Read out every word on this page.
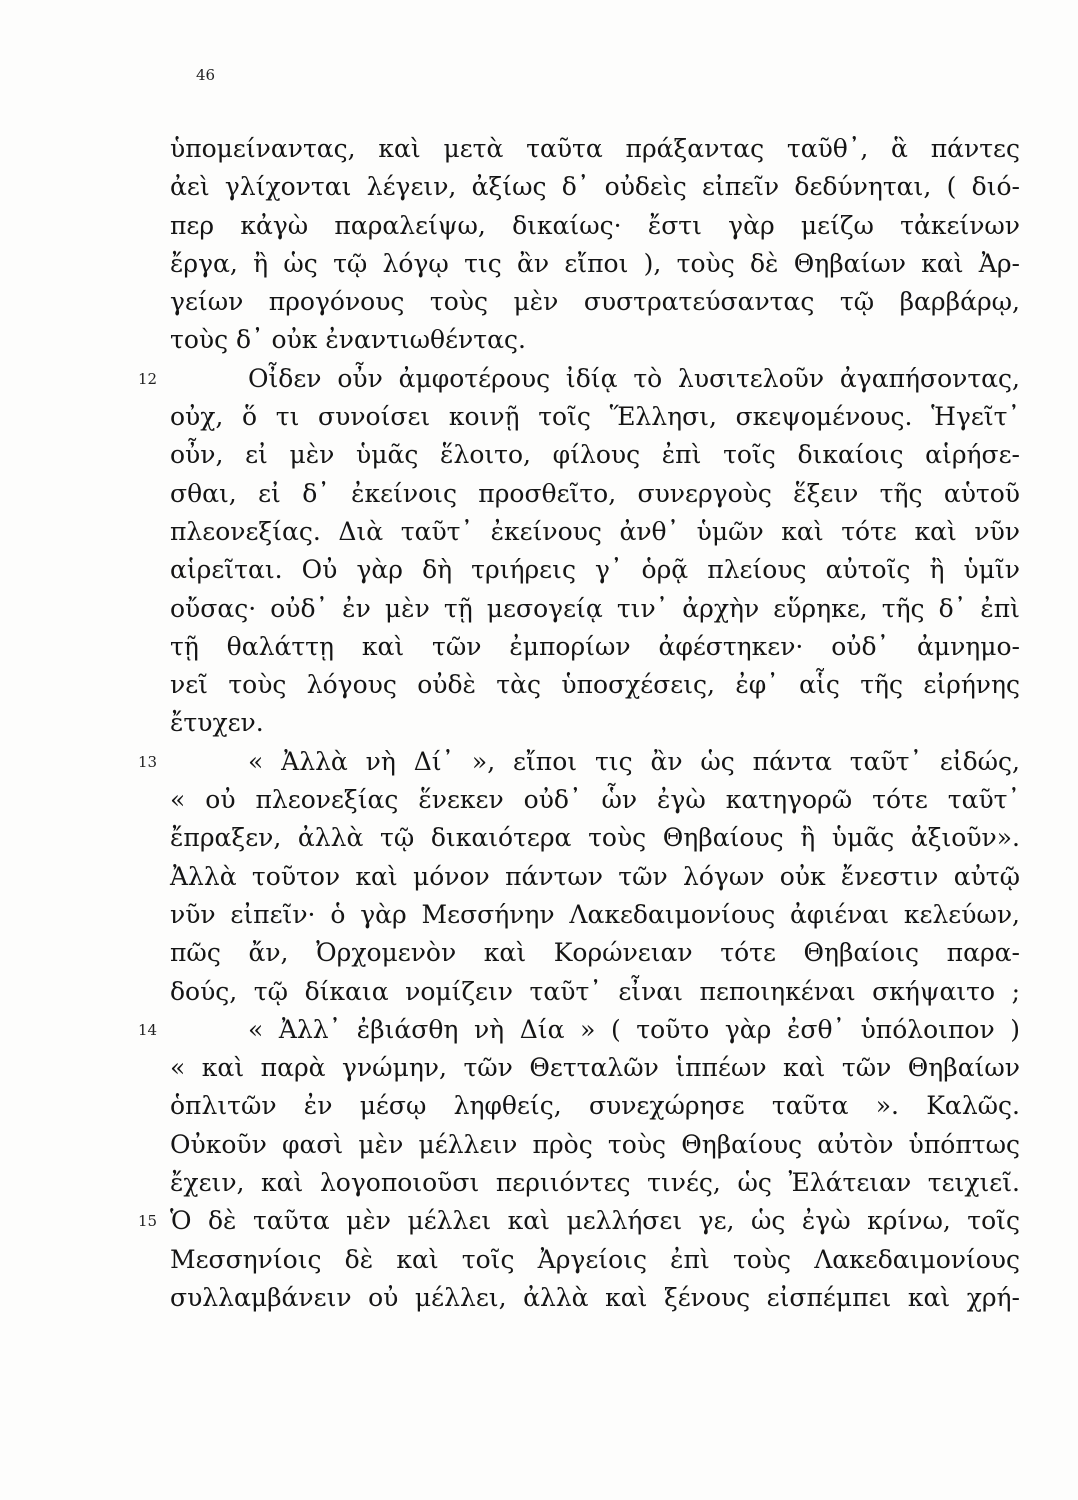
46
ὑπομείναντας, καὶ μετὰ ταῦτα πράξαντας ταῦθ᾽, ἃ πάντες
ἀεὶ γλίχονται λέγειν, ἀξίως δ᾽ οὐδεὶς εἰπεῖν δεδύνηται, ( διό-
περ κἀγὼ παραλείψω, δικαίως· ἔστι γὰρ μείζω τἀκείνων
ἔργα, ἢ ὡς τῷ λόγῳ τις ἂν εἴποι ), τοὺς δὲ Θηβαίων καὶ Ἀρ-
γείων προγόνους τοὺς μὲν συστρατεύσαντας τῷ βαρβάρῳ,
τοὺς δ᾽ οὐκ ἐναντιωθέντας.
12	Οἶδεν οὖν ἀμφοτέρους ἰδίᾳ τὸ λυσιτελοῦν ἀγαπήσοντας,
οὐχ, ὅ τι συνοίσει κοινῇ τοῖς Ἕλλησι, σκεψομένους. Ἡγεῖτ᾽
οὖν, εἰ μὲν ὑμᾶς ἕλοιτο, φίλους ἐπὶ τοῖς δικαίοις αἱρήσε-
σθαι, εἰ δ᾽ ἐκείνοις προσθεῖτο, συνεργοὺς ἕξειν τῆς αὑτοῦ
πλεονεξίας. Διὰ ταῦτ᾽ ἐκείνους ἀνθ᾽ ὑμῶν καὶ τότε καὶ νῦν
αἱρεῖται. Οὐ γὰρ δὴ τριήρεις γ᾽ ὁρᾷ πλείους αὐτοῖς ἢ ὑμῖν
οὔσας· οὐδ᾽ ἐν μὲν τῇ μεσογείᾳ τιν᾽ ἀρχὴν εὕρηκε, τῆς δ᾽ ἐπὶ
τῇ θαλάττῃ καὶ τῶν ἐμπορίων ἀφέστηκεν· οὐδ᾽ ἀμνημο-
νεῖ τοὺς λόγους οὐδὲ τὰς ὑποσχέσεις, ἐφ᾽ αἷς τῆς εἰρήνης
ἔτυχεν.
13	« Ἀλλὰ νὴ Δί᾽ », εἴποι τις ἂν ὡς πάντα ταῦτ᾽ εἰδώς,
« οὐ πλεονεξίας ἕνεκεν οὐδ᾽ ὧν ἐγὼ κατηγορῶ τότε ταῦτ᾽
ἔπραξεν, ἀλλὰ τῷ δικαιότερα τοὺς Θηβαίους ἢ ὑμᾶς ἀξιοῦν».
Ἀλλὰ τοῦτον καὶ μόνον πάντων τῶν λόγων οὐκ ἔνεστιν αὐτῷ
νῦν εἰπεῖν· ὁ γὰρ Μεσσήνην Λακεδαιμονίους ἀφιέναι κελεύων,
πῶς ἄν, Ὀρχομενὸν καὶ Κορώνειαν τότε Θηβαίοις παρα-
δούς, τῷ δίκαια νομίζειν ταῦτ᾽ εἶναι πεποιηκέναι σκήψαιτο ;
14	« Ἀλλ᾽ ἐβιάσθη νὴ Δία » ( τοῦτο γὰρ ἐσθ᾽ ὑπόλοιπον )
« καὶ παρὰ γνώμην, τῶν Θετταλῶν ἱππέων καὶ τῶν Θηβαίων
ὁπλιτῶν ἐν μέσῳ ληφθείς, συνεχώρησε ταῦτα ». Καλῶς.
Οὐκοῦν φασὶ μὲν μέλλειν πρὸς τοὺς Θηβαίους αὐτὸν ὑπόπτως
ἔχειν, καὶ λογοποιοῦσι περιιόντες τινές, ὡς Ἐλάτειαν τειχιεῖ.
15 Ὁ δὲ ταῦτα μὲν μέλλει καὶ μελλήσει γε, ὡς ἐγὼ κρίνω, τοῖς
Μεσσηνίοις δὲ καὶ τοῖς Ἀργείοις ἐπὶ τοὺς Λακεδαιμονίους
συλλαμβάνειν οὐ μέλλει, ἀλλὰ καὶ ξένους εἰσπέμπει καὶ χρή-
